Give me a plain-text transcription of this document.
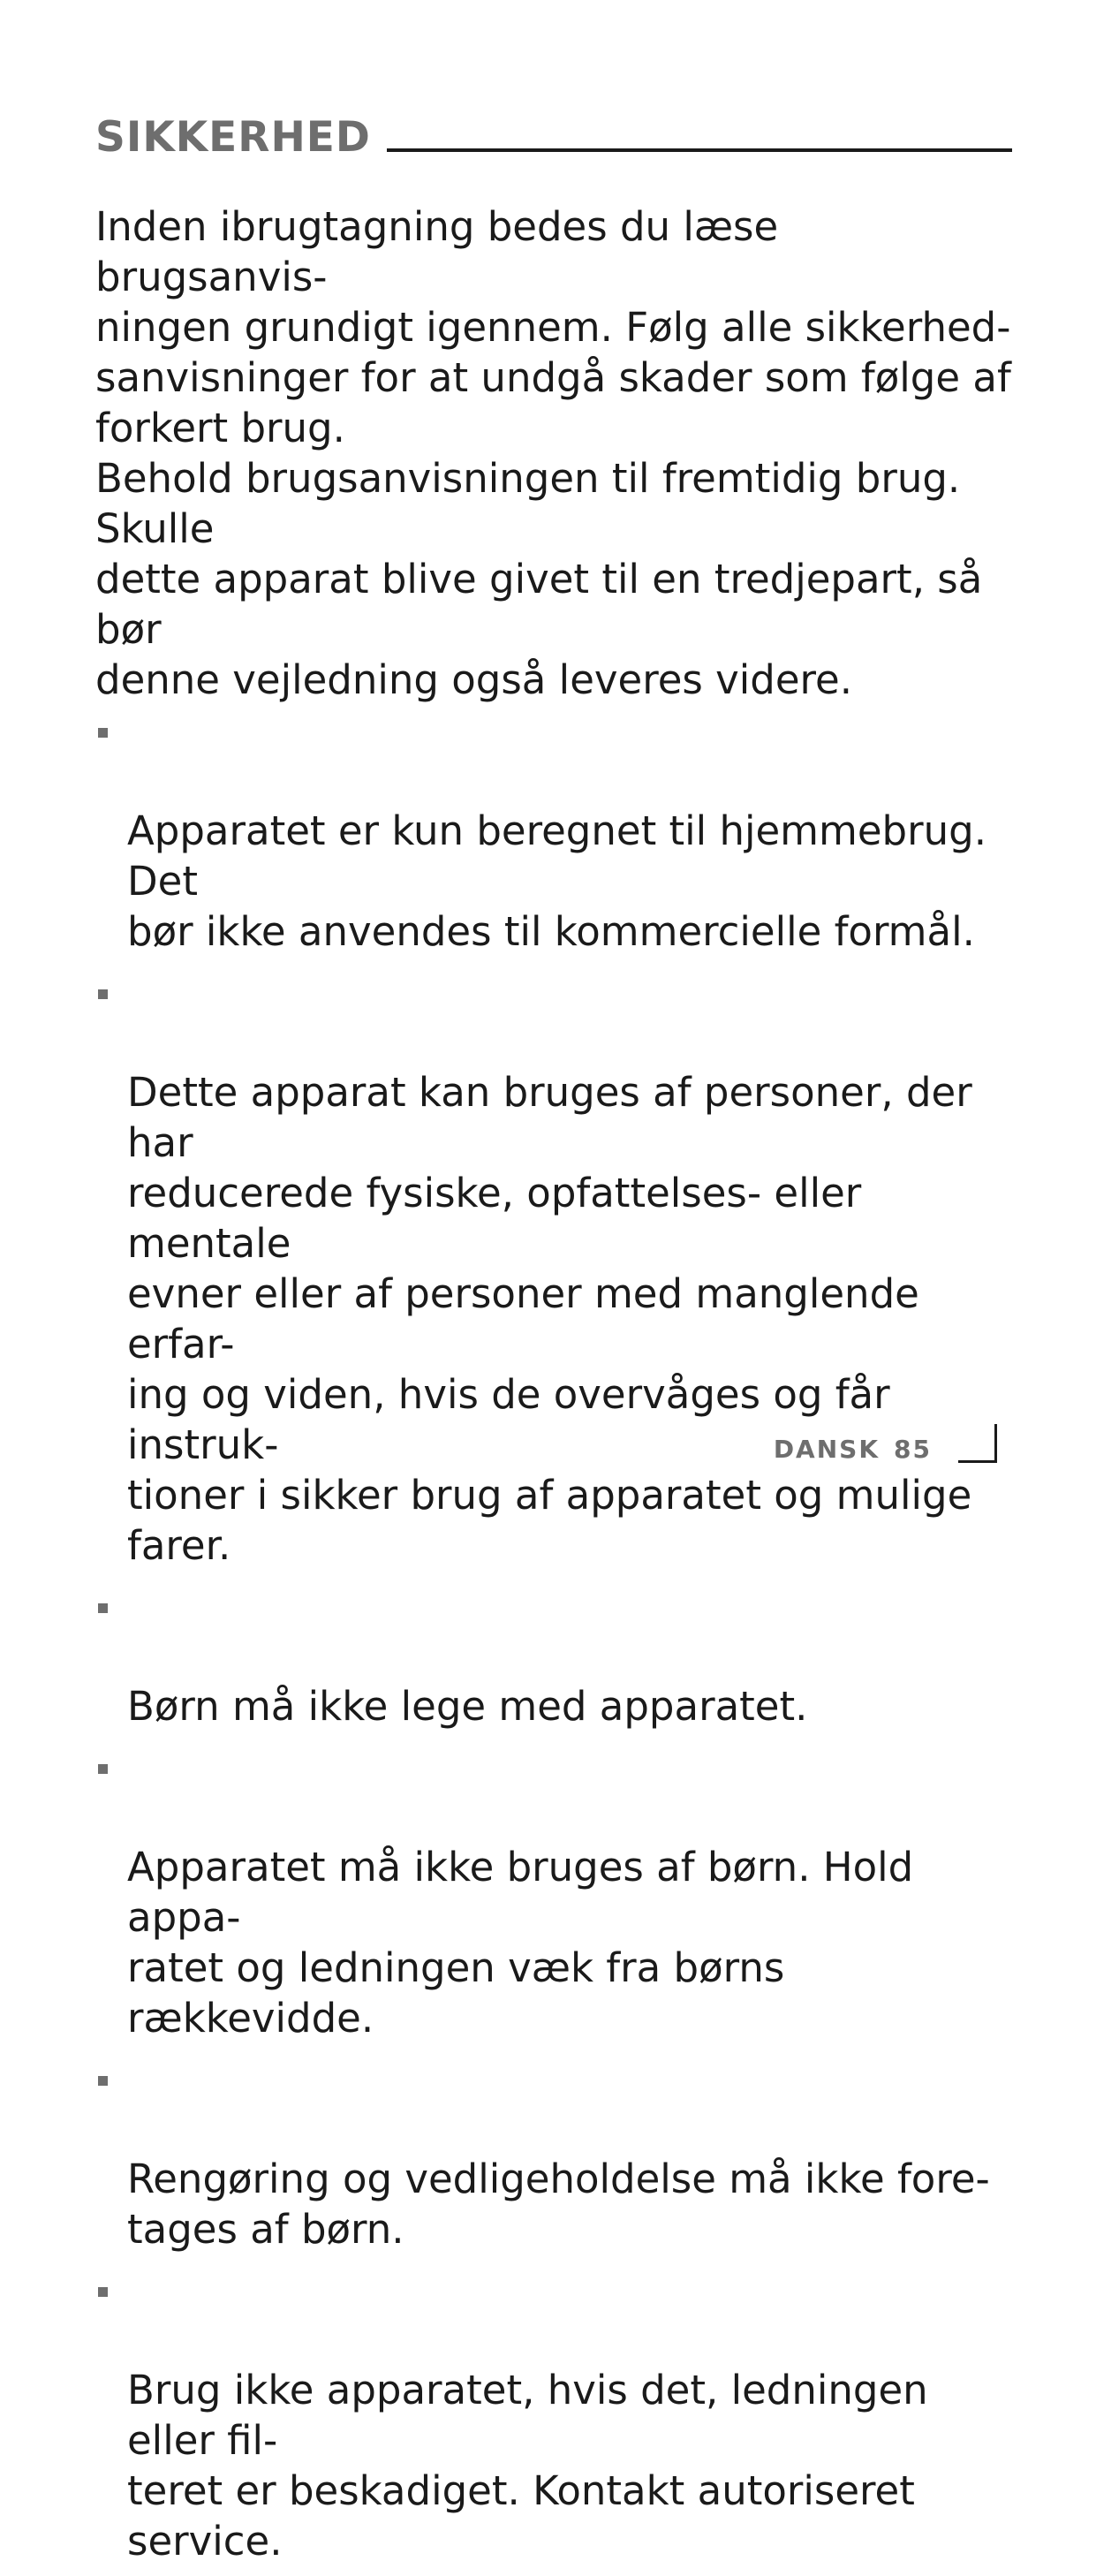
SIKKERHED

Inden ibrugtagning bedes du læse brugsanvis-
ningen grundigt igennem. Følg alle sikkerhed-
sanvisninger for at undgå skader som følge af
forkert brug.

Behold brugsanvisningen til fremtidig brug. Skulle
dette apparat blive givet til en tredjepart, så bør
denne vejledning også leveres videre.

Apparatet er kun beregnet til hjemmebrug. Det
bør ikke anvendes til kommercielle formål.

Dette apparat kan bruges af personer, der har
reducerede fysiske, opfattelses- eller mentale
evner eller af personer med manglende erfar-
ing og viden, hvis de overvåges og får instruk-
tioner i sikker brug af apparatet og mulige farer.

Børn må ikke lege med apparatet.

Apparatet må ikke bruges af børn. Hold appa-
ratet og ledningen væk fra børns rækkevidde.

Rengøring og vedligeholdelse må ikke fore-
tages af børn.

Brug ikke apparatet, hvis det, ledningen eller fil-
teret er beskadiget. Kontakt autoriseret service.

DANSK 85
